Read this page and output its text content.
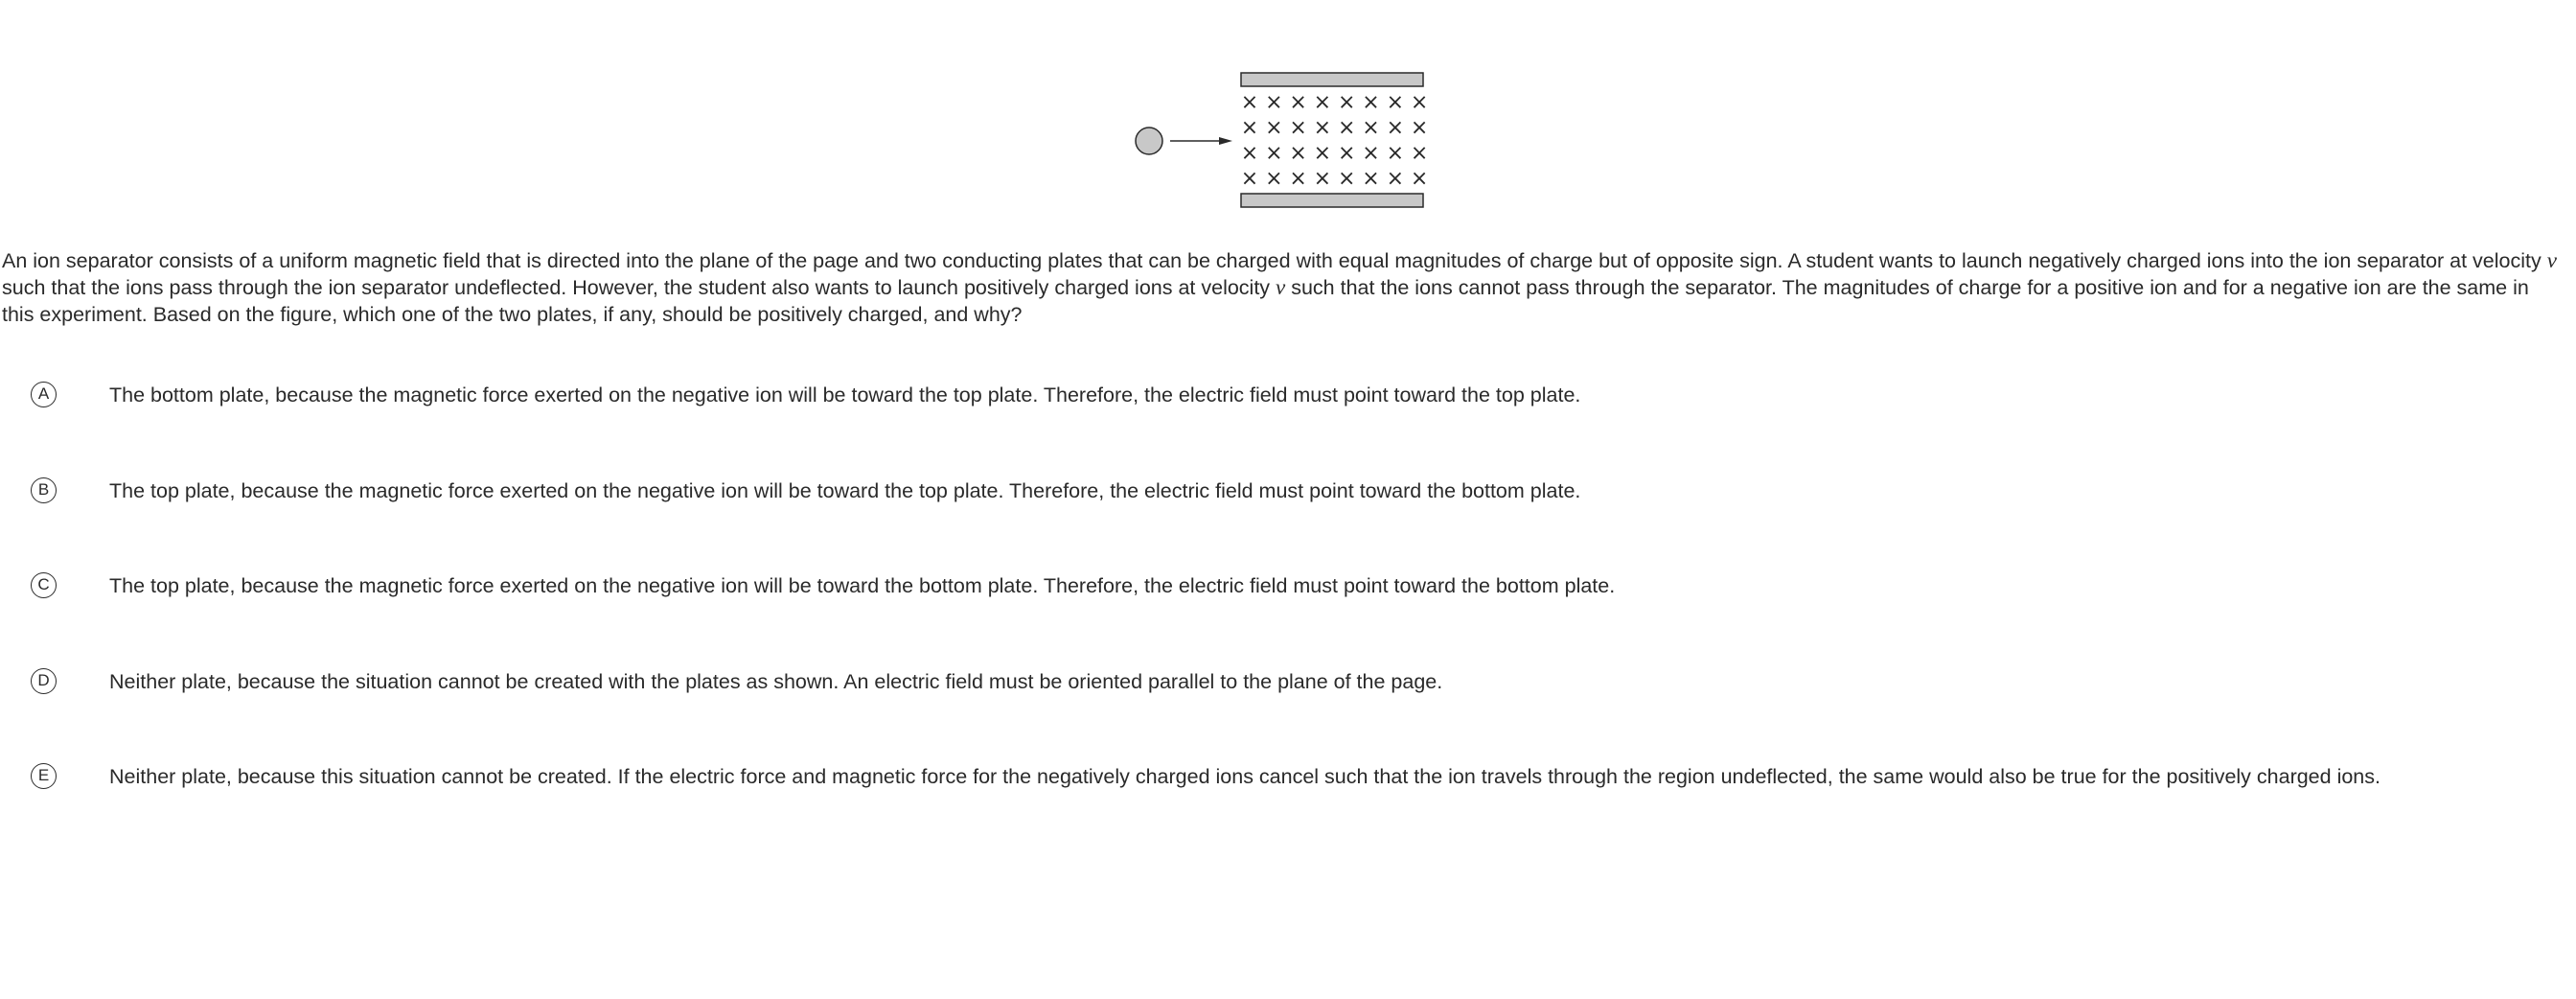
× × × × × × × ×
× × × × × × × ×
× × × × × × × ×
× × × × × × × ×

An ion separator consists of a uniform magnetic field that is directed into the plane of the page and two conducting plates that can be charged with equal magnitudes of charge but of opposite sign. A student wants to launch negatively charged ions into the ion separator at velocity v such that the ions pass through the ion separator undeflected. However, the student also wants to launch positively charged ions at velocity v such that the ions cannot pass through the separator. The magnitudes of charge for a positive ion and for a negative ion are the same in this experiment. Based on the figure, which one of the two plates, if any, should be positively charged, and why?

A	The bottom plate, because the magnetic force exerted on the negative ion will be toward the top plate. Therefore, the electric field must point toward the top plate.
B	The top plate, because the magnetic force exerted on the negative ion will be toward the top plate. Therefore, the electric field must point toward the bottom plate.
C	The top plate, because the magnetic force exerted on the negative ion will be toward the bottom plate. Therefore, the electric field must point toward the bottom plate.
D	Neither plate, because the situation cannot be created with the plates as shown. An electric field must be oriented parallel to the plane of the page.
E	Neither plate, because this situation cannot be created. If the electric force and magnetic force for the negatively charged ions cancel such that the ion travels through the region undeflected, the same would also be true for the positively charged ions.
